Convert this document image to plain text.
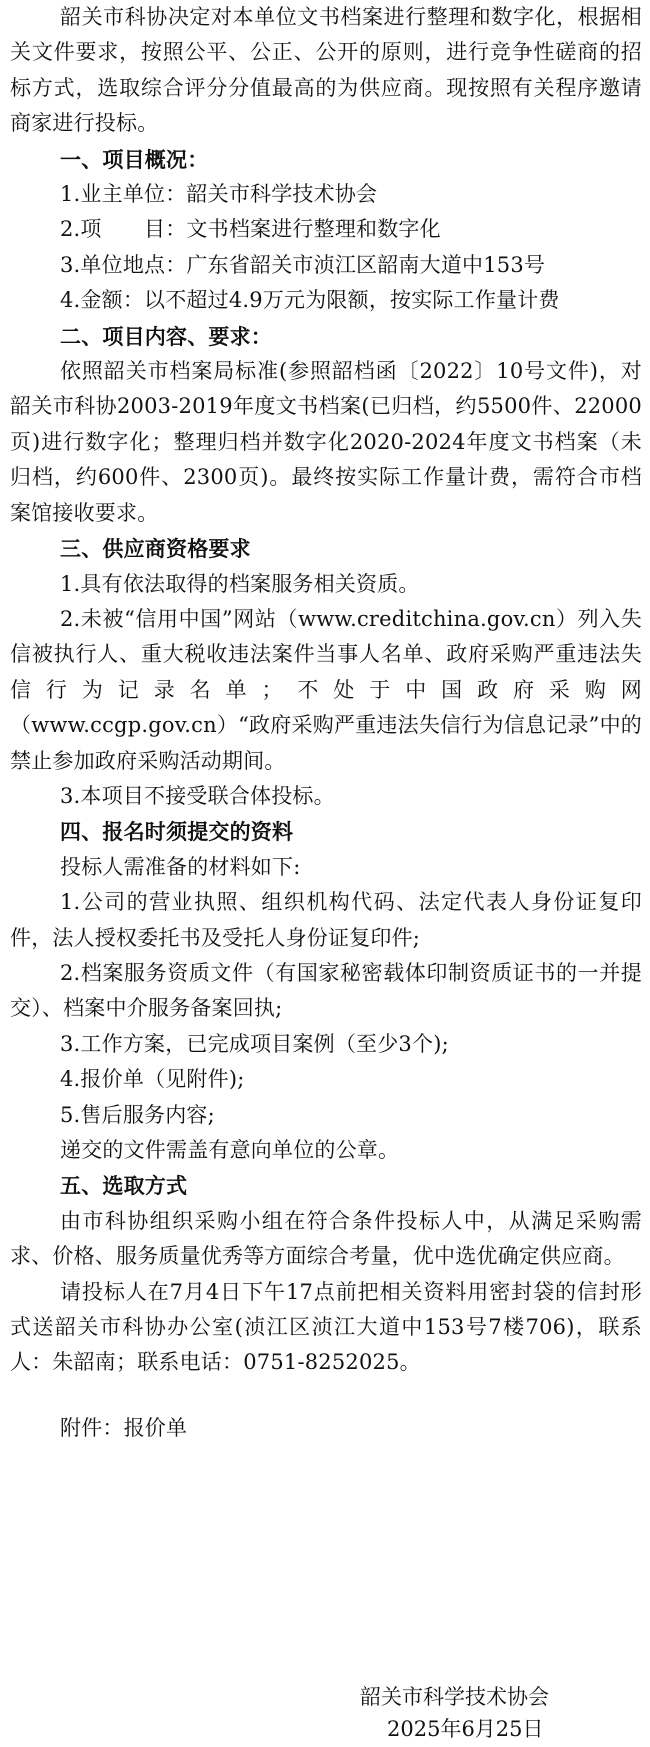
韶关市科协决定对本单位文书档案进行整理和数字化，根据相关文件要求，按照公平、公正、公开的原则，进行竞争性磋商的招标方式，选取综合评分分值最高的为供应商。现按照有关程序邀请商家进行投标。

一、项目概况：

1.业主单位：韶关市科学技术协会

2.项　　目：文书档案进行整理和数字化

3.单位地点：广东省韶关市浈江区韶南大道中153号

4.金额：以不超过4.9万元为限额，按实际工作量计费

二、项目内容、要求：

依照韶关市档案局标准(参照韶档函〔2022〕10号文件)，对韶关市科协2003-2019年度文书档案(已归档，约5500件、22000页)进行数字化；整理归档并数字化2020-2024年度文书档案（未归档，约600件、2300页)。最终按实际工作量计费，需符合市档案馆接收要求。

三、供应商资格要求

1.具有依法取得的档案服务相关资质。

2.未被“信用中国”网站（www.creditchina.gov.cn）列入失信被执行人、重大税收违法案件当事人名单、政府采购严重违法失信行为记录名单；不处于中国政府采购网（www.ccgp.gov.cn）“政府采购严重违法失信行为信息记录”中的禁止参加政府采购活动期间。

3.本项目不接受联合体投标。

四、报名时须提交的资料

投标人需准备的材料如下:

1.公司的营业执照、组织机构代码、法定代表人身份证复印件，法人授权委托书及受托人身份证复印件;

2.档案服务资质文件（有国家秘密载体印制资质证书的一并提交）、档案中介服务备案回执;

3.工作方案，已完成项目案例（至少3个);

4.报价单（见附件);

5.售后服务内容;

递交的文件需盖有意向单位的公章。

五、选取方式

由市科协组织采购小组在符合条件投标人中，从满足采购需求、价格、服务质量优秀等方面综合考量，优中选优确定供应商。

请投标人在7月4日下午17点前把相关资料用密封袋的信封形式送韶关市科协办公室(浈江区浈江大道中153号7楼706)，联系人：朱韶南；联系电话：0751-8252025。

附件：报价单

韶关市科学技术协会
2025年6月25日
